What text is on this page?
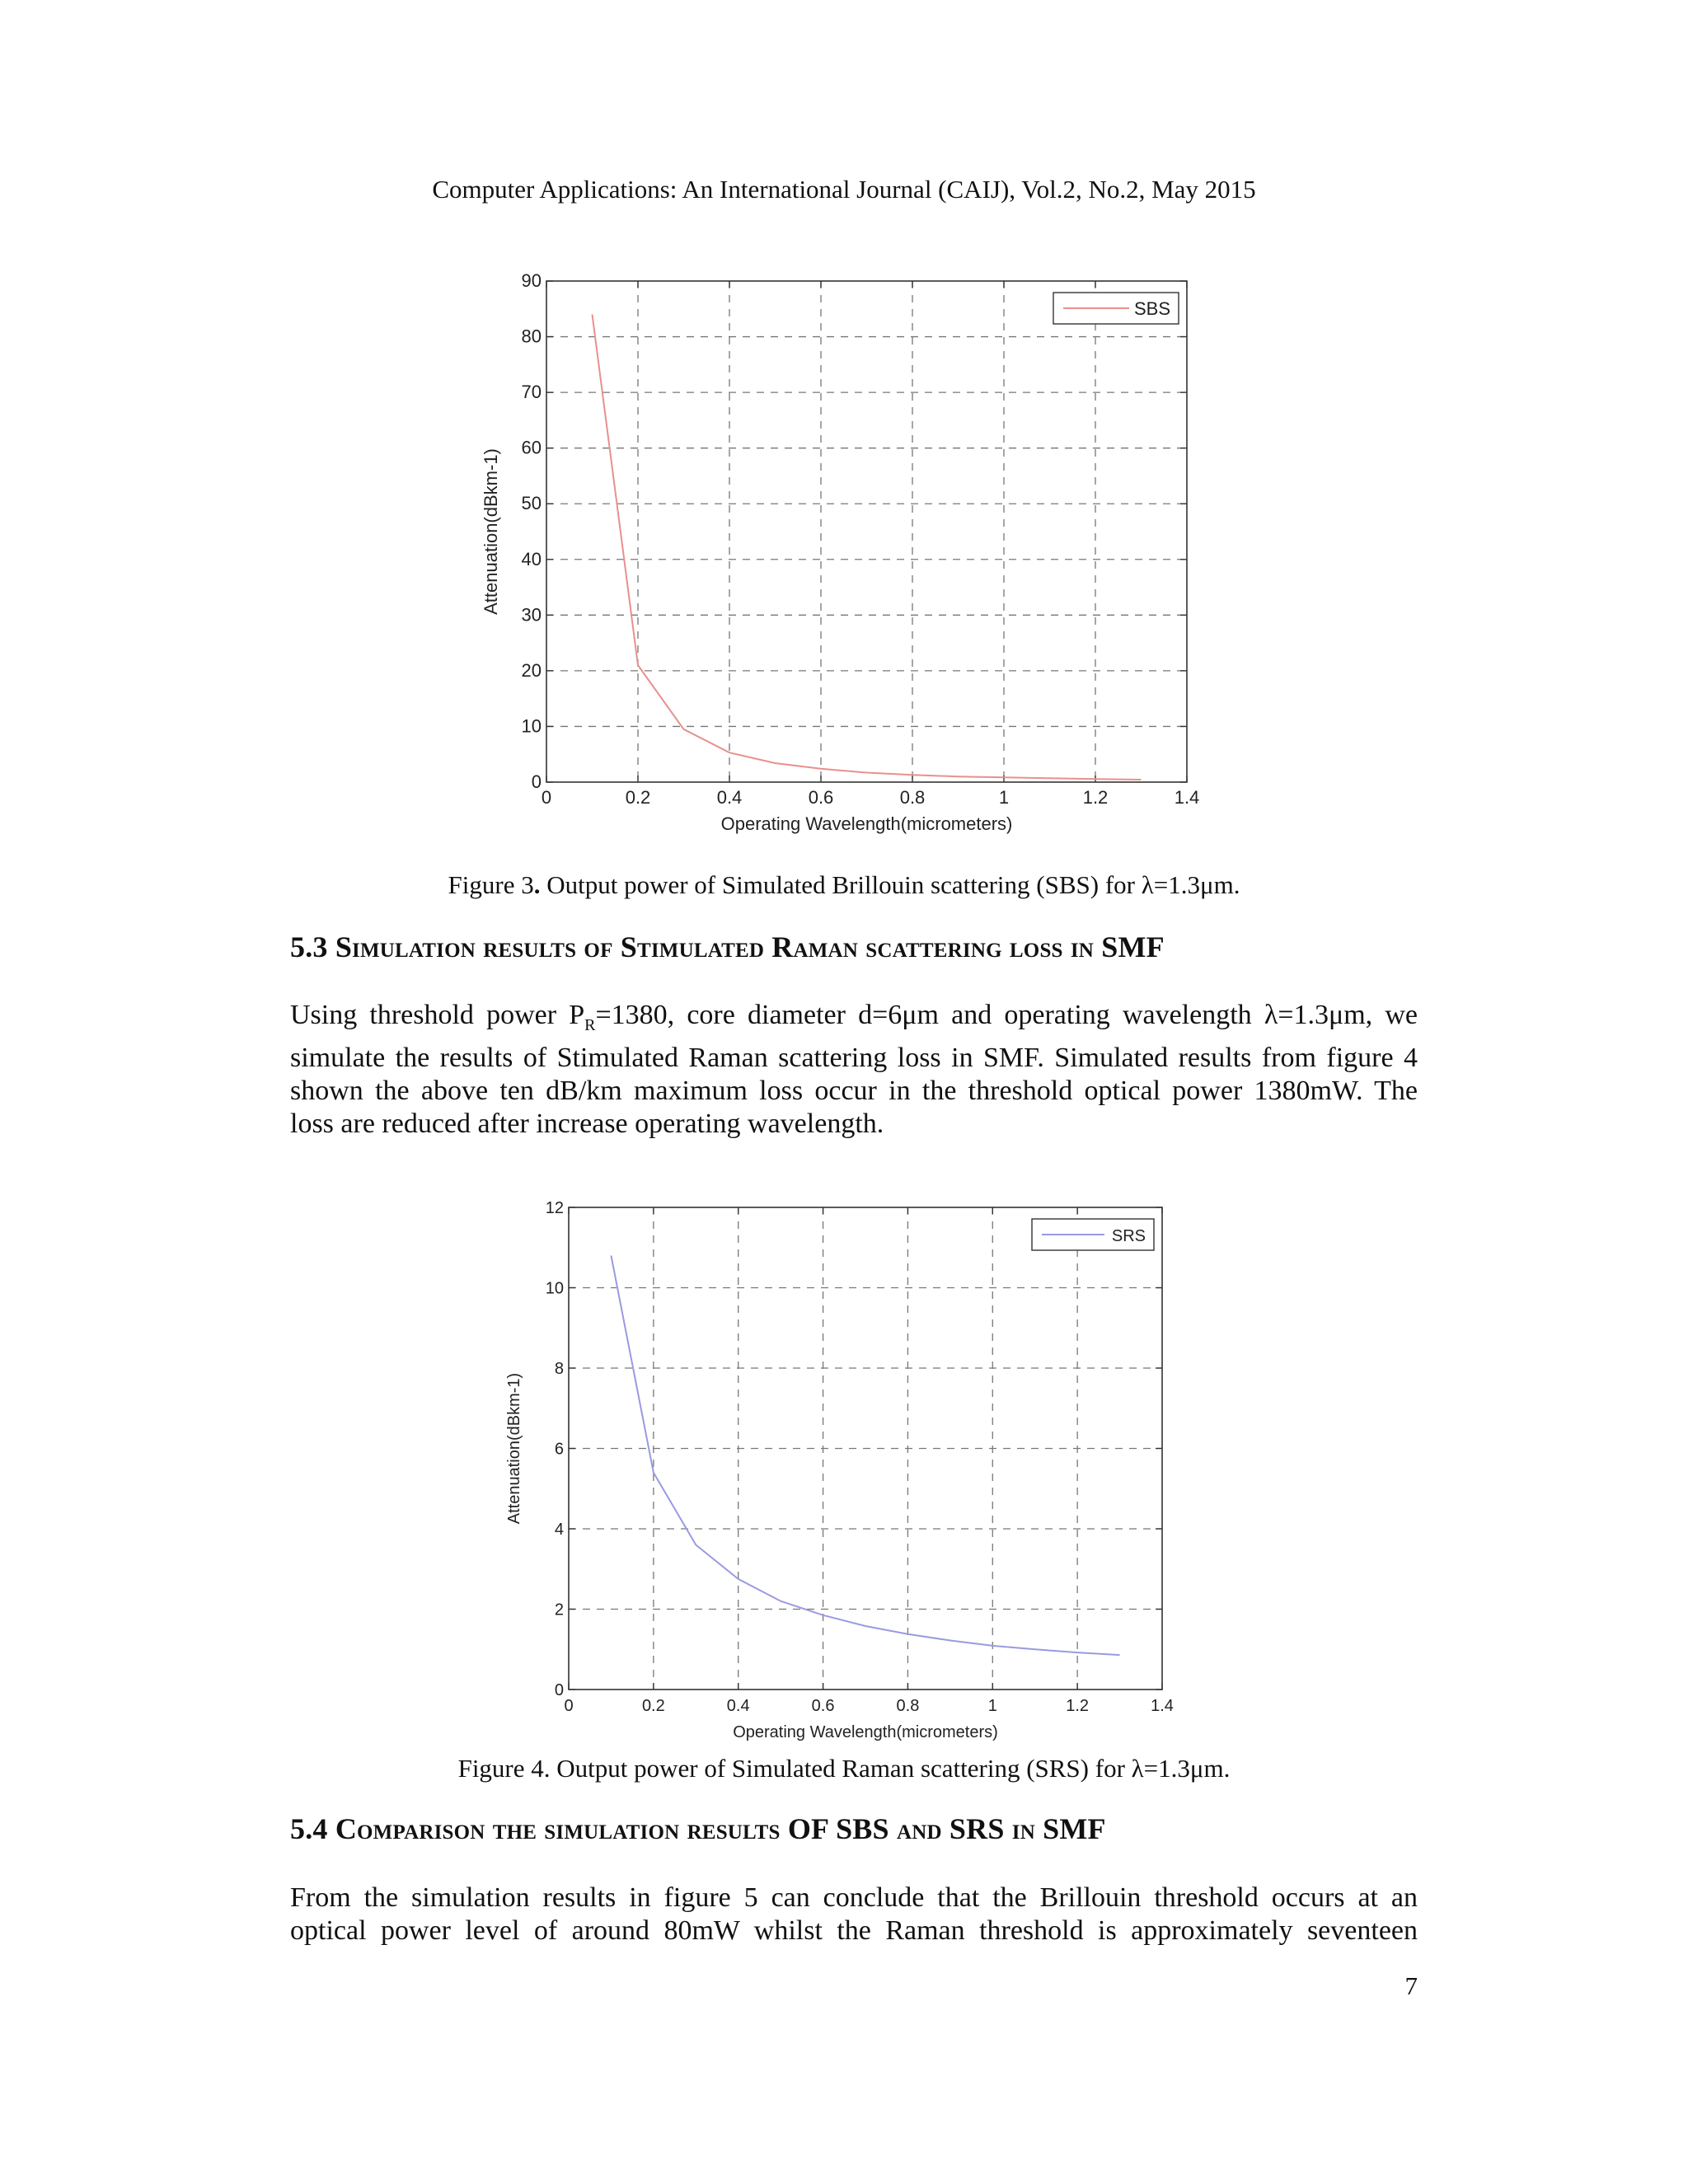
Computer Applications: An International Journal (CAIJ), Vol.2, No.2, May 2015
0	0.2	0.4	0.6	0.8	1	1.2	1.4
0
10
20
30
40
50
60
70
80
90
Operating Wavelength(micrometers)
Attenuation(dBkm-1)
SBS
Figure 3. Output power of Simulated Brillouin scattering (SBS) for λ=1.3μm.
5.3 Simulation results of Stimulated Raman scattering loss in SMF
Using threshold power $P_R=1380$, core diameter d=6μm and operating wavelength λ=1.3μm, we
simulate the results of Stimulated Raman scattering loss in SMF. Simulated results from figure 4
shown the above ten dB/km maximum loss occur in the threshold optical power 1380mW. The
loss are reduced after increase operating wavelength.
0	0.2	0.4	0.6	0.8	1	1.2	1.4
0
2
4
6
8
10
12
Operating Wavelength(micrometers)
Attenuation(dBkm-1)
SRS
Figure 4. Output power of Simulated Raman scattering (SRS) for λ=1.3μm.
5.4 Comparison the simulation results OF SBS and SRS in SMF
From the simulation results in figure 5 can conclude that the Brillouin threshold occurs at an
optical power level of around 80mW whilst the Raman threshold is approximately seventeen
7
